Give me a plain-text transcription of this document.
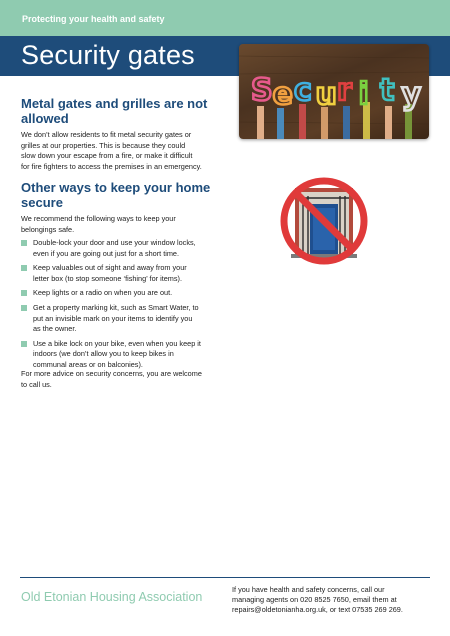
Protecting your health and safety
Security gates
S e c u r i t y
Metal gates and grilles are not
allowed
We don’t allow residents to fit metal security gates or
grilles at our properties. This is because they could
slow down your escape from a fire, or make it difficult
for fire fighters to access the premises in an emergency.
Other ways to keep your home
secure
We recommend the following ways to keep your
belongings safe.
Double-lock your door and use your window locks,
even if you are going out just for a short time.
Keep valuables out of sight and away from your
letter box (to stop someone ‘fishing’ for items).
Keep lights or a radio on when you are out.
Get a property marking kit, such as Smart Water, to
put an invisible mark on your items to identify you
as the owner.
Use a bike lock on your bike, even when you keep it
indoors (we don’t allow you to keep bikes in
communal areas or on balconies).
For more advice on security concerns, you are welcome
to call us.
Old Etonian Housing Association
If you have health and safety concerns, call our
managing agents on 020 8525 7650, email them at
repairs@oldetonianha.org.uk, or text 07535 269 269.
